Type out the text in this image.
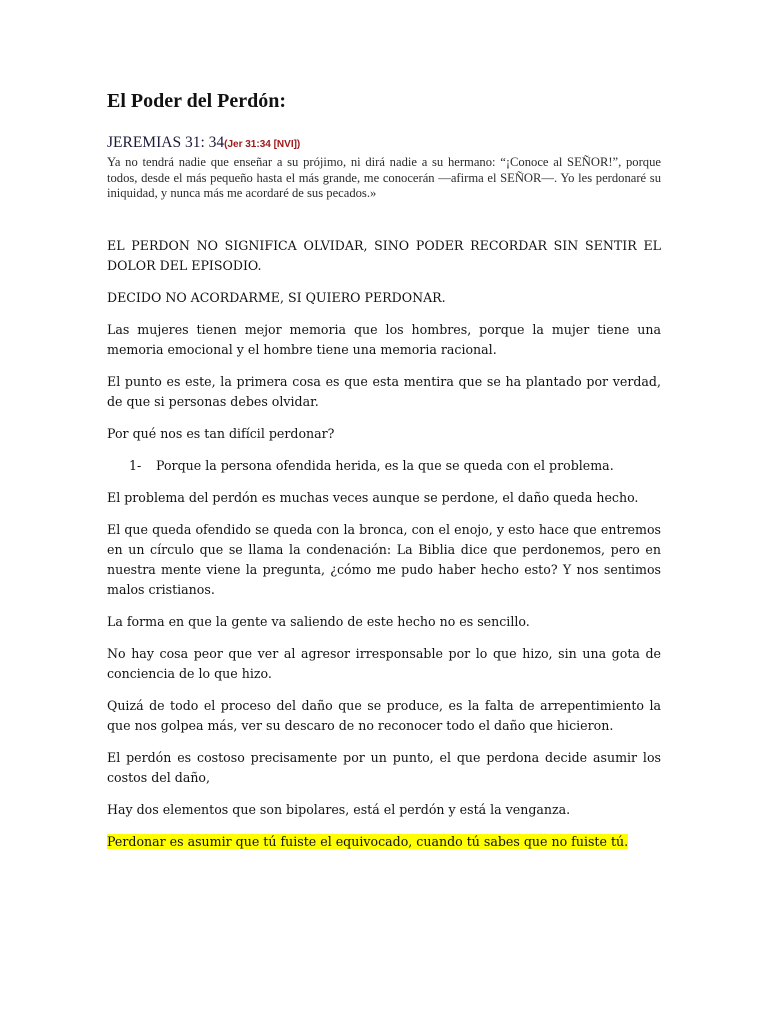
El Poder del Perdón:

JEREMIAS 31: 34(Jer 31:34 [NVI])

Ya no tendrá nadie que enseñar a su prójimo, ni dirá nadie a su hermano: “¡Conoce al SEÑOR!”, porque todos, desde el más pequeño hasta el más grande, me conocerán —afirma el SEÑOR—. Yo les perdonaré su iniquidad, y nunca más me acordaré de sus pecados.»

EL PERDON NO SIGNIFICA OLVIDAR, SINO PODER RECORDAR SIN SENTIR EL DOLOR DEL EPISODIO.

DECIDO NO ACORDARME, SI QUIERO PERDONAR.

Las mujeres tienen mejor memoria que los hombres, porque la mujer tiene una memoria emocional y el hombre tiene una memoria racional.

El punto es este, la primera cosa es que esta mentira que se ha plantado por verdad, de que si personas debes olvidar.

Por qué nos es tan difícil perdonar?

1-	Porque la persona ofendida herida, es la que se queda con el problema.

El problema del perdón es muchas veces aunque se perdone, el daño queda hecho.

El que queda ofendido se queda con la bronca, con el enojo, y esto hace que entremos en un círculo que se llama la condenación: La Biblia dice que perdonemos, pero en nuestra mente viene la pregunta, ¿cómo me pudo haber hecho esto? Y nos sentimos malos cristianos.

La forma en que la gente va saliendo de este hecho no es sencillo.

No hay cosa peor que ver al agresor irresponsable por lo que hizo, sin una gota de conciencia de lo que hizo.

Quizá de todo el proceso del daño que se produce, es la falta de arrepentimiento la que nos golpea más, ver su descaro de no reconocer todo el daño que hicieron.

El perdón es costoso precisamente por un punto, el que perdona decide asumir los costos del daño,

Hay dos elementos que son bipolares, está el perdón y está la venganza.

Perdonar es asumir que tú fuiste el equivocado, cuando tú sabes que no fuiste tú.
